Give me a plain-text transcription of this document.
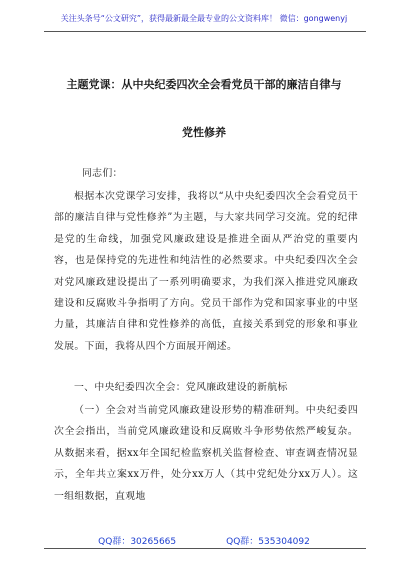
关注头条号“公文研究”，获得最新最全最专业的公文资料库！ 微信：gongwenyj
主题党课：从中央纪委四次全会看党员干部的廉洁自律与
党性修养

同志们：

根据本次党课学习安排，我将以“从中央纪委四次全会看党员干部的廉洁自律与党性修养”为主题，与大家共同学习交流。党的纪律是党的生命线，加强党风廉政建设是推进全面从严治党的重要内容，也是保持党的先进性和纯洁性的必然要求。中央纪委四次全会对党风廉政建设提出了一系列明确要求，为我们深入推进党风廉政建设和反腐败斗争指明了方向。党员干部作为党和国家事业的中坚力量，其廉洁自律和党性修养的高低，直接关系到党的形象和事业发展。下面，我将从四个方面展开阐述。

一、中央纪委四次全会：党风廉政建设的新航标

（一）全会对当前党风廉政建设形势的精准研判。中央纪委四次全会指出，当前党风廉政建设和反腐败斗争形势依然严峻复杂。从数据来看，据xx年全国纪检监察机关监督检查、审查调查情况显示，全年共立案xx万件，处分xx万人（其中党纪处分xx万人）。这一组组数据，直观地

QQ群：30265665	QQ群：535304092
